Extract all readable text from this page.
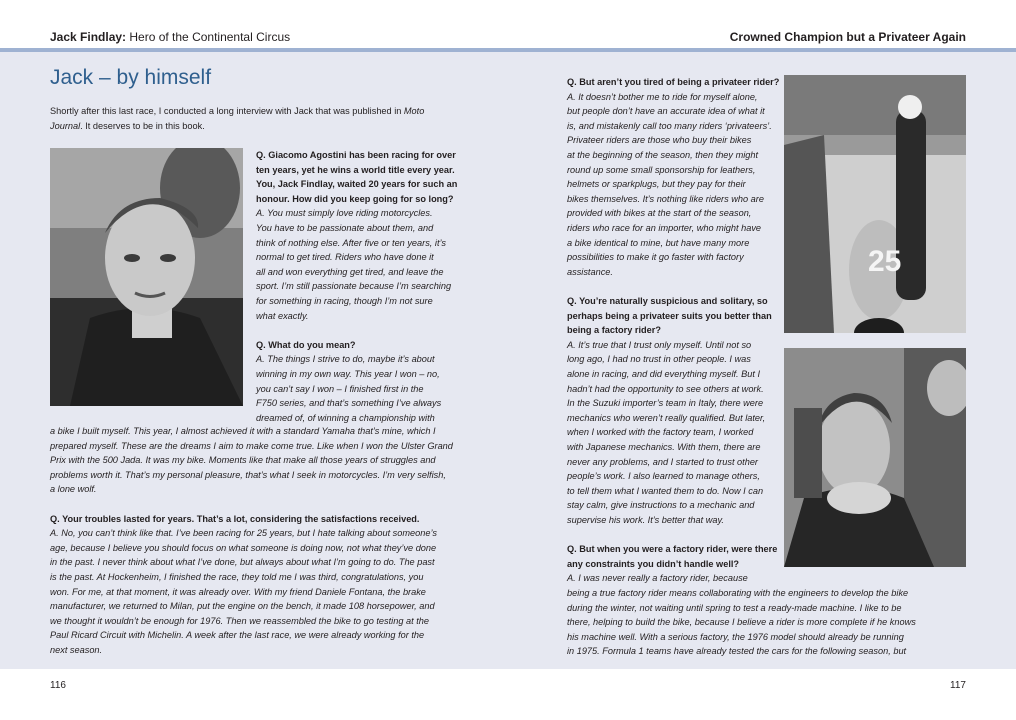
Jack Findlay: Hero of the Continental Circus	Crowned Champion but a Privateer Again
Jack – by himself
25
Shortly after this last race, I conducted a long interview with Jack that was published in Moto
Journal. It deserves to be in this book.
Q. Giacomo Agostini has been racing for over
ten years, yet he wins a world title every year.
You, Jack Findlay, waited 20 years for such an
honour. How did you keep going for so long?
A. You must simply love riding motorcycles.
You have to be passionate about them, and
think of nothing else. After five or ten years, it’s
normal to get tired. Riders who have done it
all and won everything get tired, and leave the
sport. I’m still passionate because I’m searching
for something in racing, though I’m not sure
what exactly.
Q. What do you mean?
A. The things I strive to do, maybe it’s about
winning in my own way. This year I won – no,
you can’t say I won – I finished first in the
F750 series, and that’s something I’ve always
dreamed of, of winning a championship with
a bike I built myself. This year, I almost achieved it with a standard Yamaha that’s mine, which I
prepared myself. These are the dreams I aim to make come true. Like when I won the Ulster Grand
Prix with the 500 Jada. It was my bike. Moments like that make all those years of struggles and
problems worth it. That’s my personal pleasure, that’s what I seek in motorcycles. I’m very selfish,
a lone wolf.
Q. Your troubles lasted for years. That’s a lot, considering the satisfactions received.
A. No, you can’t think like that. I’ve been racing for 25 years, but I hate talking about someone’s
age, because I believe you should focus on what someone is doing now, not what they’ve done
in the past. I never think about what I’ve done, but always about what I’m going to do. The past
is the past. At Hockenheim, I finished the race, they told me I was third, congratulations, you
won. For me, at that moment, it was already over. With my friend Daniele Fontana, the brake
manufacturer, we returned to Milan, put the engine on the bench, it made 108 horsepower, and
we thought it wouldn’t be enough for 1976. Then we reassembled the bike to go testing at the
Paul Ricard Circuit with Michelin. A week after the last race, we were already working for the
next season.
Q. But aren’t you tired of being a privateer rider?
A. It doesn’t bother me to ride for myself alone,
but people don’t have an accurate idea of what it
is, and mistakenly call too many riders ‘privateers’.
Privateer riders are those who buy their bikes
at the beginning of the season, then they might
round up some small sponsorship for leathers,
helmets or sparkplugs, but they pay for their
bikes themselves. It’s nothing like riders who are
provided with bikes at the start of the season,
riders who race for an importer, who might have
a bike identical to mine, but have many more
possibilities to make it go faster with factory
assistance.
Q. You’re naturally suspicious and solitary, so
perhaps being a privateer suits you better than
being a factory rider?
A. It’s true that I trust only myself. Until not so
long ago, I had no trust in other people. I was
alone in racing, and did everything myself. But I
hadn’t had the opportunity to see others at work.
In the Suzuki importer’s team in Italy, there were
mechanics who weren’t really qualified. But later,
when I worked with the factory team, I worked
with Japanese mechanics. With them, there are
never any problems, and I started to trust other
people’s work. I also learned to manage others,
to tell them what I wanted them to do. Now I can
stay calm, give instructions to a mechanic and
supervise his work. It’s better that way.
Q. But when you were a factory rider, were there
any constraints you didn’t handle well?
A. I was never really a factory rider, because
being a true factory rider means collaborating with the engineers to develop the bike
during the winter, not waiting until spring to test a ready-made machine. I like to be
there, helping to build the bike, because I believe a rider is more complete if he knows
his machine well. With a serious factory, the 1976 model should already be running
in 1975. Formula 1 teams have already tested the cars for the following season, but
116	117
